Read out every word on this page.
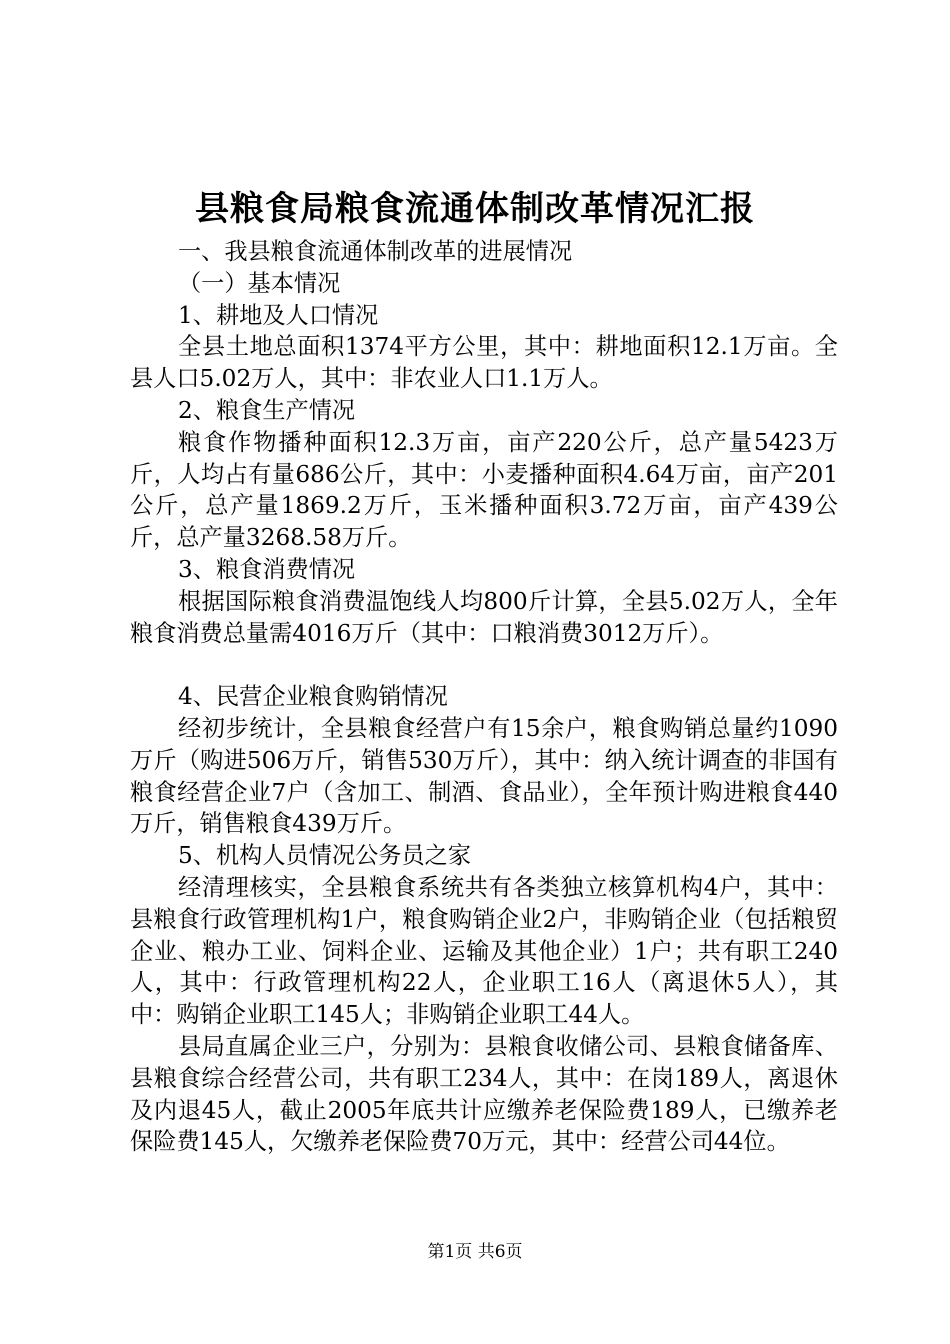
县粮食局粮食流通体制改革情况汇报

一、我县粮食流通体制改革的进展情况

（一）基本情况

1、耕地及人口情况

全县土地总面积1374平方公里，其中：耕地面积12.1万亩。全县人口5.02万人，其中：非农业人口1.1万人。

2、粮食生产情况

粮食作物播种面积12.3万亩，亩产220公斤，总产量5423万斤，人均占有量686公斤，其中：小麦播种面积4.64万亩，亩产201公斤，总产量1869.2万斤，玉米播种面积3.72万亩，亩产439公斤，总产量3268.58万斤。

3、粮食消费情况

根据国际粮食消费温饱线人均800斤计算，全县5.02万人，全年粮食消费总量需4016万斤（其中：口粮消费3012万斤）。

4、民营企业粮食购销情况

经初步统计，全县粮食经营户有15余户，粮食购销总量约1090万斤（购进506万斤，销售530万斤），其中：纳入统计调查的非国有粮食经营企业7户（含加工、制酒、食品业），全年预计购进粮食440万斤，销售粮食439万斤。

5、机构人员情况公务员之家

经清理核实，全县粮食系统共有各类独立核算机构4户，其中：县粮食行政管理机构1户，粮食购销企业2户，非购销企业（包括粮贸企业、粮办工业、饲料企业、运输及其他企业）1户；共有职工240人，其中：行政管理机构22人，企业职工16人（离退休5人），其中：购销企业职工145人；非购销企业职工44人。

县局直属企业三户，分别为：县粮食收储公司、县粮食储备库、县粮食综合经营公司，共有职工234人，其中：在岗189人，离退休及内退45人，截止2005年底共计应缴养老保险费189人，已缴养老保险费145人，欠缴养老保险费70万元，其中：经营公司44位。

第1页 共6页
